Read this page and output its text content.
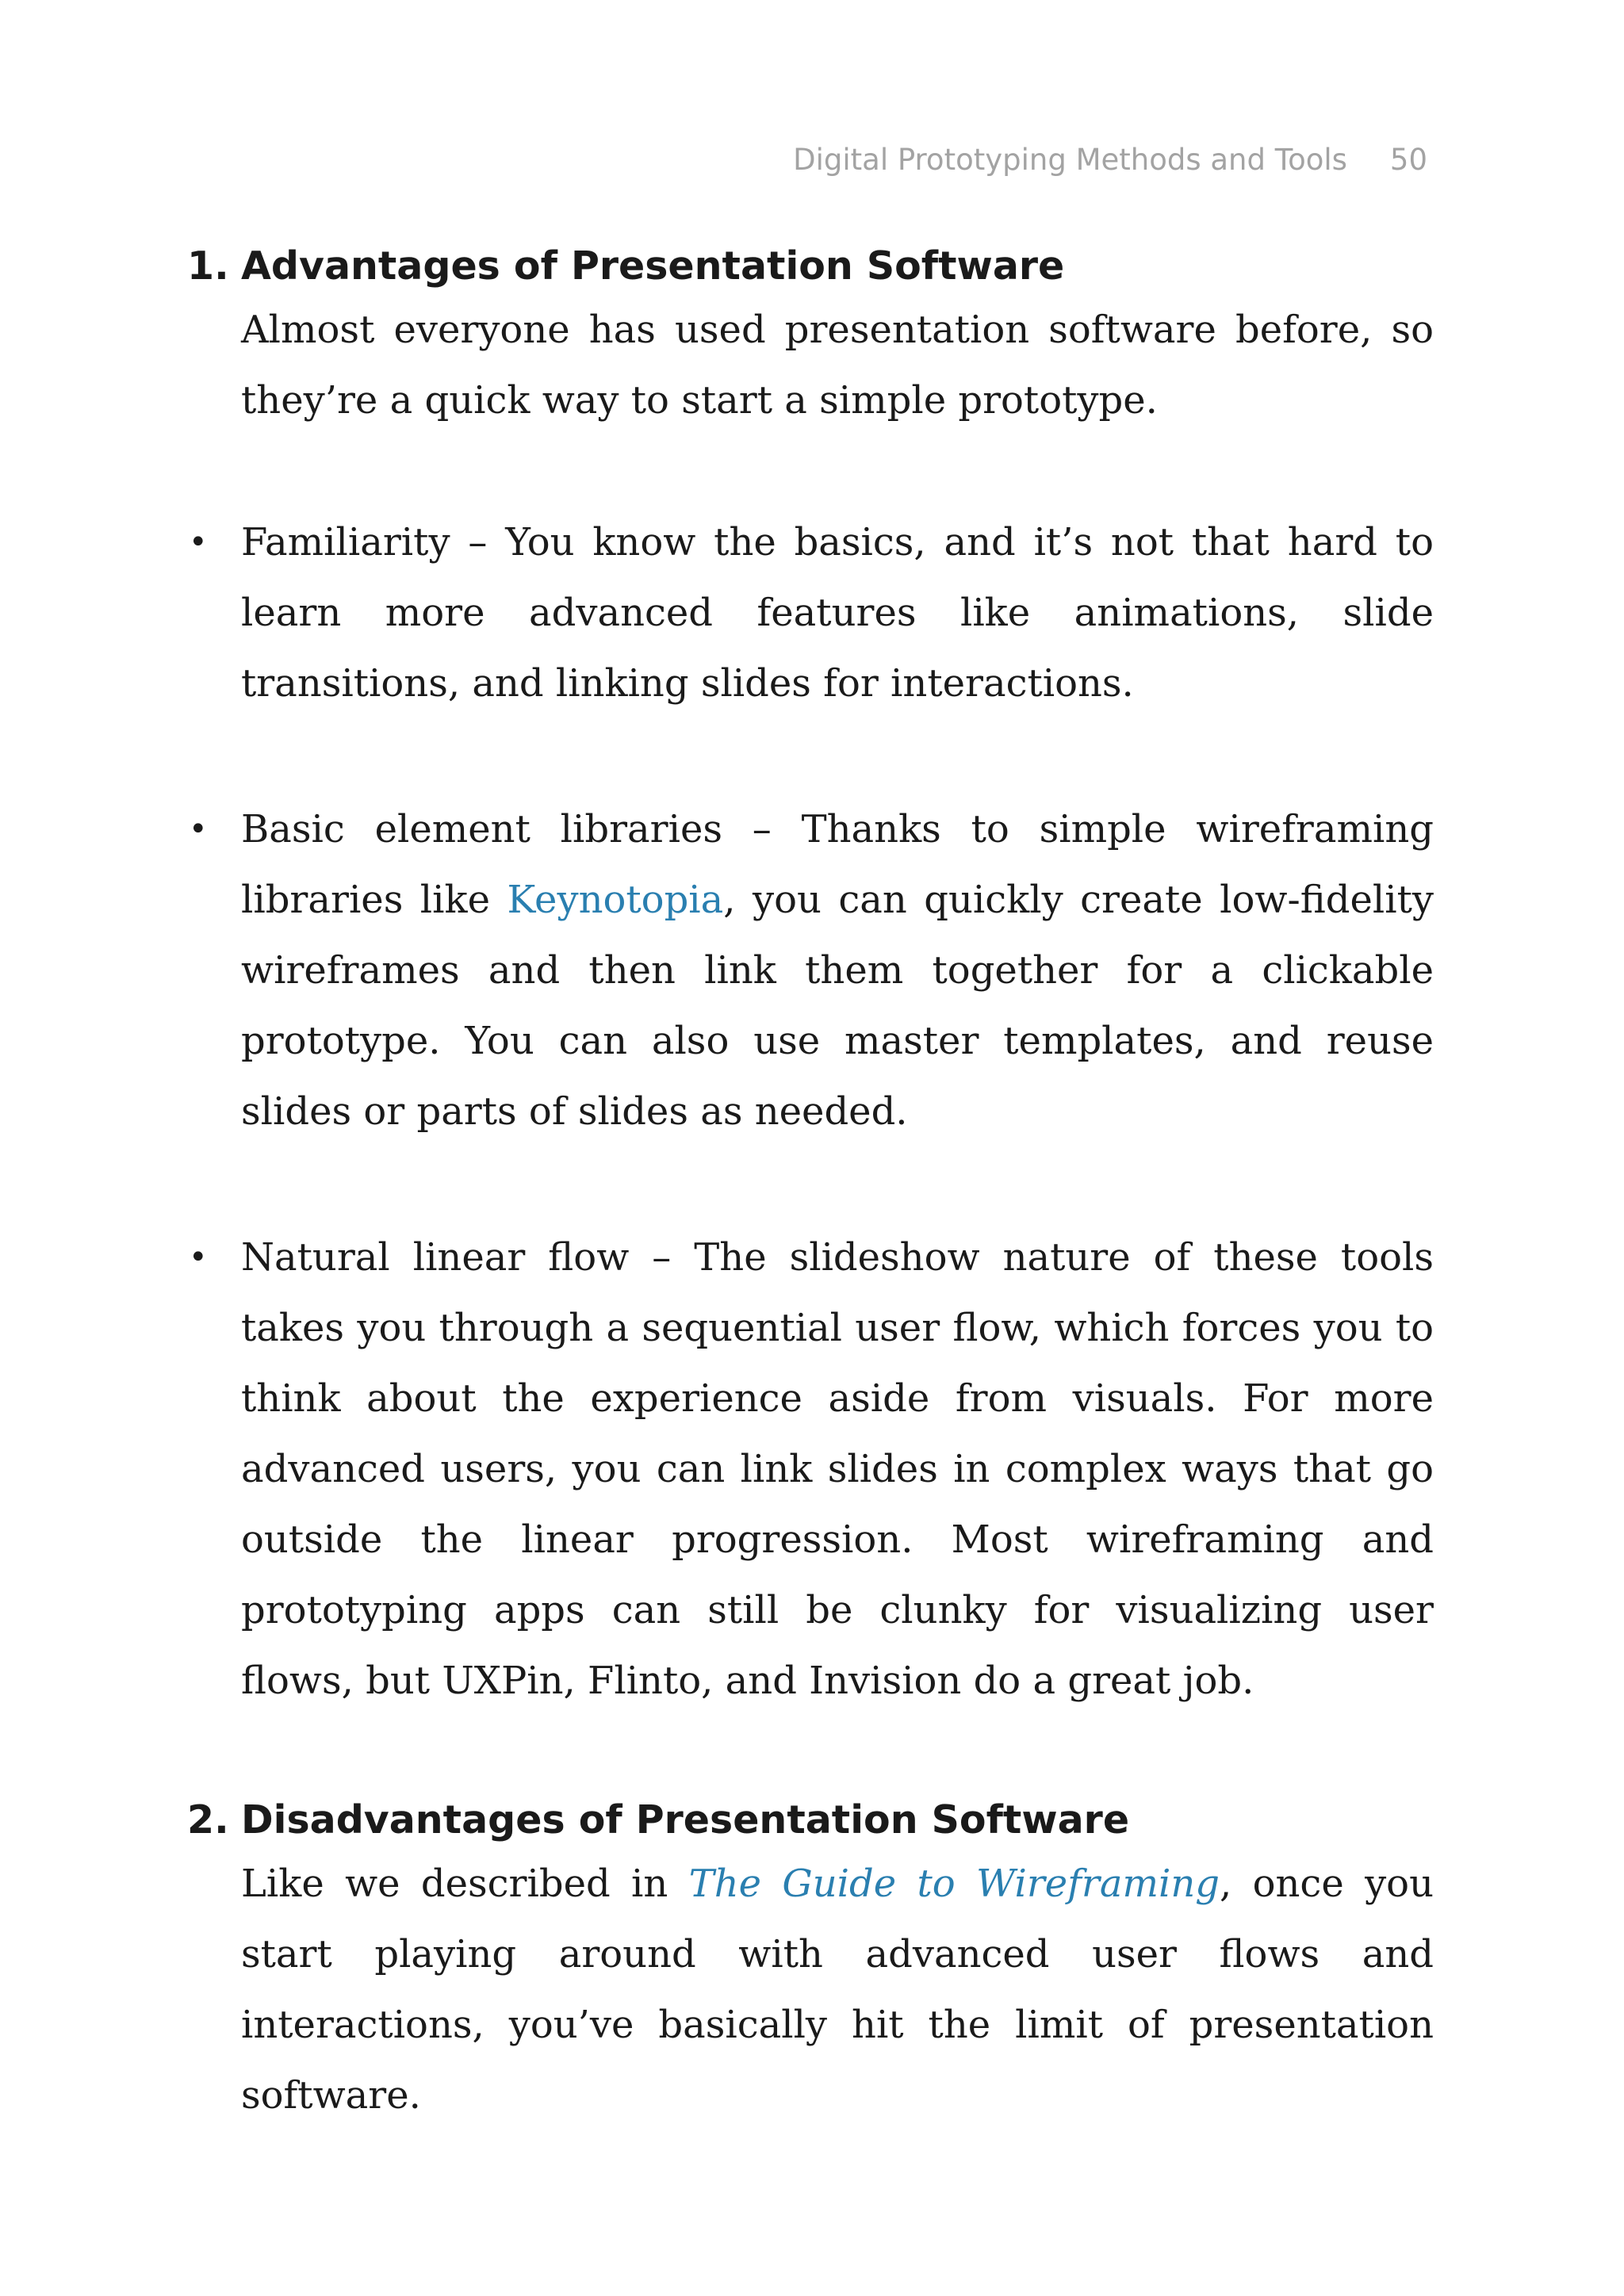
Digital Prototyping Methods and Tools 50
1. Advantages of Presentation Software

Almost everyone has used presentation software before, so they’re a quick way to start a simple prototype.

• Familiarity – You know the basics, and it’s not that hard to learn more advanced features like animations, slide transitions, and linking slides for interactions.

• Basic element libraries – Thanks to simple wireframing libraries like Keynotopia, you can quickly create low-fidelity wireframes and then link them together for a clickable prototype. You can also use master templates, and reuse slides or parts of slides as needed.

• Natural linear flow – The slideshow nature of these tools takes you through a sequential user flow, which forces you to think about the experience aside from visuals. For more advanced users, you can link slides in complex ways that go outside the linear progression. Most wireframing and prototyping apps can still be clunky for visualizing user flows, but UXPin, Flinto, and Invision do a great job.

2. Disadvantages of Presentation Software

Like we described in The Guide to Wireframing, once you start playing around with advanced user flows and interactions, you’ve basically hit the limit of presentation software.
